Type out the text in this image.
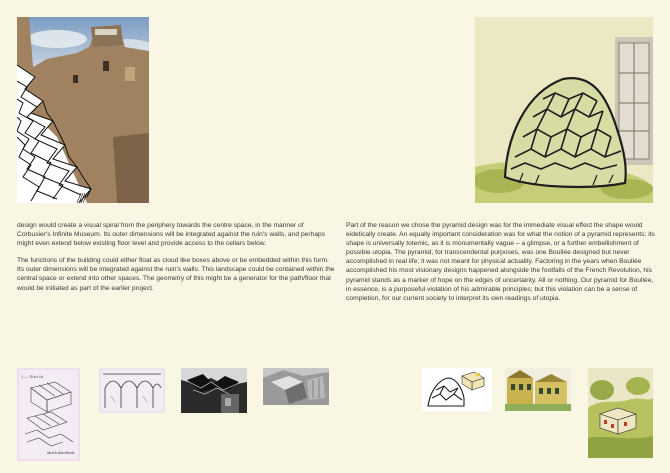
design would create a visual spiral from the periphery towards the centre space, in the manner of Corbusier's Infinite Museum. Its outer dimensions will be integrated against the ruin's walls, and perhaps might even extend below existing floor level and provide access to the cellars below.

The functions of the building could either float as cloud like boxes above or be embedded within this form. Its outer dimensions will be integrated against the ruin's walls. This landscape could be contained within the central space or extend into other spaces. The geometry of this might be a generator for the path/floor that would be initiated as part of the earlier project.

Part of the reason we chose the pyramid design was for the immediate visual effect the shape would eidetically create. An equally important consideration was for what the notion of a pyramid represents: its shape is universally totemic, as it is monumentally vague – a glimpse, or a further embellishment of possible utopia. The pyramid, for transcendental purposes, was one Boullée designed but never accomplished in real life; it was not meant for physical actuality. Factoring in the years when Boullée accomplished his most visionary designs happened alongside the footfalls of the French Revolution, his pyramid stands as a marker of hope on the edges of uncertainty. All or nothing. Our pyramid for Boullée, in essence, is a purposeful violation of his admirable principles; but this violation can be a sense of completion, for our current society to interpret its own readings of utopia.

1 — Ruin 1b
sketch sketchbook
